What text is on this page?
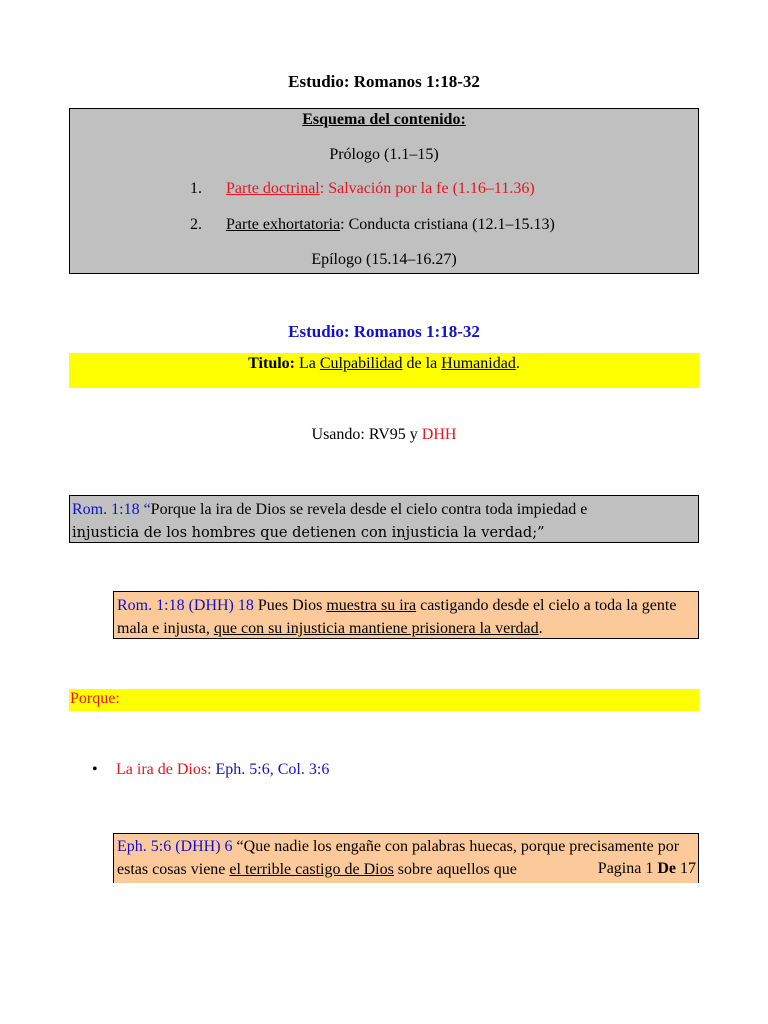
Estudio: Romanos 1:18-32
Esquema del contenido:
Prólogo (1.1–15)
1. Parte doctrinal: Salvación por la fe (1.16–11.36)
2. Parte exhortatoria: Conducta cristiana (12.1–15.13)
Epílogo (15.14–16.27)
Estudio: Romanos 1:18-32
Titulo: La Culpabilidad de la Humanidad.
Usando: RV95 y DHH
Rom. 1:18 “Porque la ira de Dios se revela desde el cielo contra toda impiedad e
injusticia de los hombres que detienen con injusticia la verdad;”
Rom. 1:18 (DHH) 18 Pues Dios muestra su ira castigando desde el cielo a toda la gente mala e injusta, que con su injusticia mantiene prisionera la verdad.
Porque:
• La ira de Dios: Eph. 5:6, Col. 3:6
Eph. 5:6 (DHH) 6 “Que nadie los engañe con palabras huecas, porque precisamente por estas cosas viene el terrible castigo de Dios sobre aquellos que	Pagina 1 De 17
